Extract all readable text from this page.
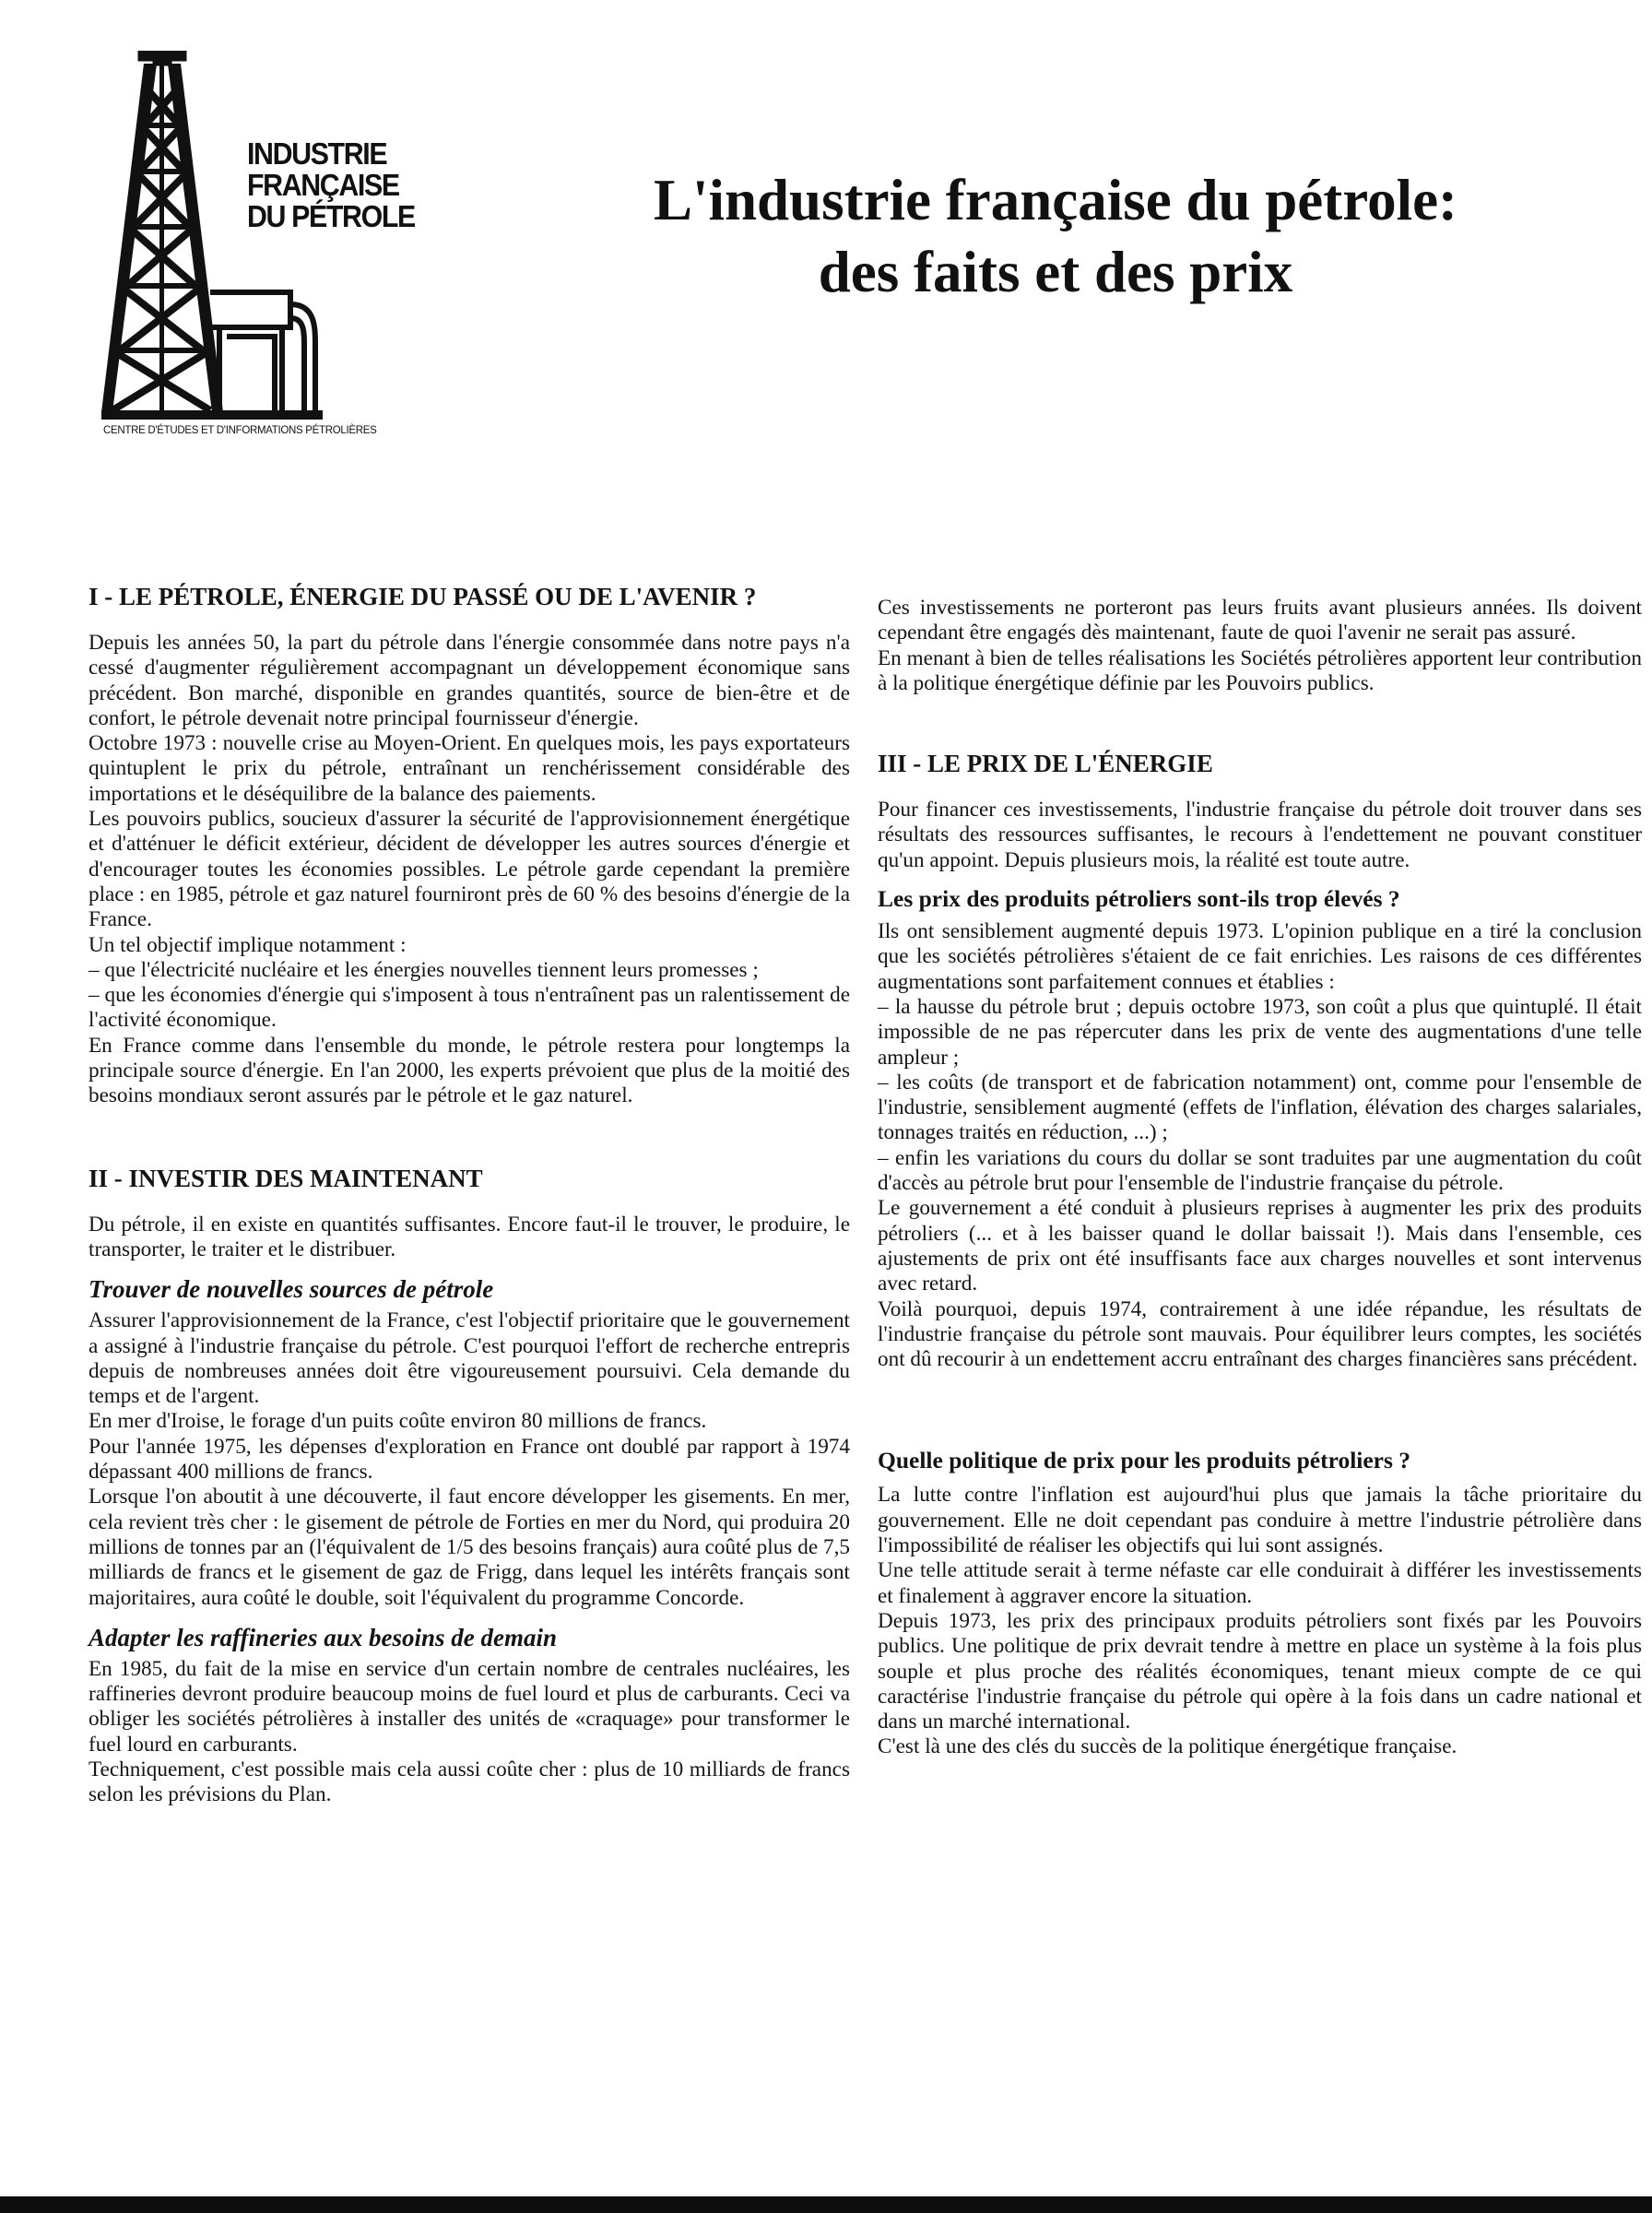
INDUSTRIE
FRANÇAISE
DU PÉTROLE
CENTRE D'ÉTUDES ET D'INFORMATIONS PÉTROLIÈRES
L'industrie française du pétrole:
des faits et des prix
I - LE PÉTROLE, ÉNERGIE DU PASSÉ OU DE L'AVENIR ?

Depuis les années 50, la part du pétrole dans l'énergie consommée dans notre pays n'a cessé d'augmenter régulièrement accompagnant un développement économique sans précédent. Bon marché, disponible en grandes quantités, source de bien-être et de confort, le pétrole devenait notre principal fournisseur d'énergie.

Octobre 1973 : nouvelle crise au Moyen-Orient. En quelques mois, les pays exportateurs quintuplent le prix du pétrole, entraînant un renchérissement considérable des importations et le déséquilibre de la balance des paiements.

Les pouvoirs publics, soucieux d'assurer la sécurité de l'approvisionnement énergétique et d'atténuer le déficit extérieur, décident de développer les autres sources d'énergie et d'encourager toutes les économies possibles. Le pétrole garde cependant la première place : en 1985, pétrole et gaz naturel fourniront près de 60 % des besoins d'énergie de la France.

Un tel objectif implique notamment :

– que l'électricité nucléaire et les énergies nouvelles tiennent leurs promesses ;

– que les économies d'énergie qui s'imposent à tous n'entraînent pas un ralentissement de l'activité économique.

En France comme dans l'ensemble du monde, le pétrole restera pour longtemps la principale source d'énergie. En l'an 2000, les experts prévoient que plus de la moitié des besoins mondiaux seront assurés par le pétrole et le gaz naturel.

II - INVESTIR DES MAINTENANT

Du pétrole, il en existe en quantités suffisantes. Encore faut-il le trouver, le produire, le transporter, le traiter et le distribuer.

Trouver de nouvelles sources de pétrole

Assurer l'approvisionnement de la France, c'est l'objectif prioritaire que le gouvernement a assigné à l'industrie française du pétrole. C'est pourquoi l'effort de recherche entrepris depuis de nombreuses années doit être vigoureusement poursuivi. Cela demande du temps et de l'argent.

En mer d'Iroise, le forage d'un puits coûte environ 80 millions de francs.

Pour l'année 1975, les dépenses d'exploration en France ont doublé par rapport à 1974 dépassant 400 millions de francs.

Lorsque l'on aboutit à une découverte, il faut encore développer les gisements. En mer, cela revient très cher : le gisement de pétrole de Forties en mer du Nord, qui produira 20 millions de tonnes par an (l'équivalent de 1/5 des besoins français) aura coûté plus de 7,5 milliards de francs et le gisement de gaz de Frigg, dans lequel les intérêts français sont majoritaires, aura coûté le double, soit l'équivalent du programme Concorde.

Adapter les raffineries aux besoins de demain

En 1985, du fait de la mise en service d'un certain nombre de centrales nucléaires, les raffineries devront produire beaucoup moins de fuel lourd et plus de carburants. Ceci va obliger les sociétés pétrolières à installer des unités de «craquage» pour transformer le fuel lourd en carburants.

Techniquement, c'est possible mais cela aussi coûte cher : plus de 10 milliards de francs selon les prévisions du Plan.

Ces investissements ne porteront pas leurs fruits avant plusieurs années. Ils doivent cependant être engagés dès maintenant, faute de quoi l'avenir ne serait pas assuré.

En menant à bien de telles réalisations les Sociétés pétrolières apportent leur contribution à la politique énergétique définie par les Pouvoirs publics.

III - LE PRIX DE L'ÉNERGIE

Pour financer ces investissements, l'industrie française du pétrole doit trouver dans ses résultats des ressources suffisantes, le recours à l'endettement ne pouvant constituer qu'un appoint. Depuis plusieurs mois, la réalité est toute autre.

Les prix des produits pétroliers sont-ils trop élevés ?

Ils ont sensiblement augmenté depuis 1973. L'opinion publique en a tiré la conclusion que les sociétés pétrolières s'étaient de ce fait enrichies. Les raisons de ces différentes augmentations sont parfaitement connues et établies :

– la hausse du pétrole brut ; depuis octobre 1973, son coût a plus que quintuplé. Il était impossible de ne pas répercuter dans les prix de vente des augmentations d'une telle ampleur ;

– les coûts (de transport et de fabrication notamment) ont, comme pour l'ensemble de l'industrie, sensiblement augmenté (effets de l'inflation, élévation des charges salariales, tonnages traités en réduction, ...) ;

– enfin les variations du cours du dollar se sont traduites par une augmentation du coût d'accès au pétrole brut pour l'ensemble de l'industrie française du pétrole.

Le gouvernement a été conduit à plusieurs reprises à augmenter les prix des produits pétroliers (... et à les baisser quand le dollar baissait !). Mais dans l'ensemble, ces ajustements de prix ont été insuffisants face aux charges nouvelles et sont intervenus avec retard.

Voilà pourquoi, depuis 1974, contrairement à une idée répandue, les résultats de l'industrie française du pétrole sont mauvais. Pour équilibrer leurs comptes, les sociétés ont dû recourir à un endettement accru entraînant des charges financières sans précédent.

Quelle politique de prix pour les produits pétroliers ?

La lutte contre l'inflation est aujourd'hui plus que jamais la tâche prioritaire du gouvernement. Elle ne doit cependant pas conduire à mettre l'industrie pétrolière dans l'impossibilité de réaliser les objectifs qui lui sont assignés.

Une telle attitude serait à terme néfaste car elle conduirait à différer les investissements et finalement à aggraver encore la situation.

Depuis 1973, les prix des principaux produits pétroliers sont fixés par les Pouvoirs publics. Une politique de prix devrait tendre à mettre en place un système à la fois plus souple et plus proche des réalités économiques, tenant mieux compte de ce qui caractérise l'industrie française du pétrole qui opère à la fois dans un cadre national et dans un marché international.

C'est là une des clés du succès de la politique énergétique française.
